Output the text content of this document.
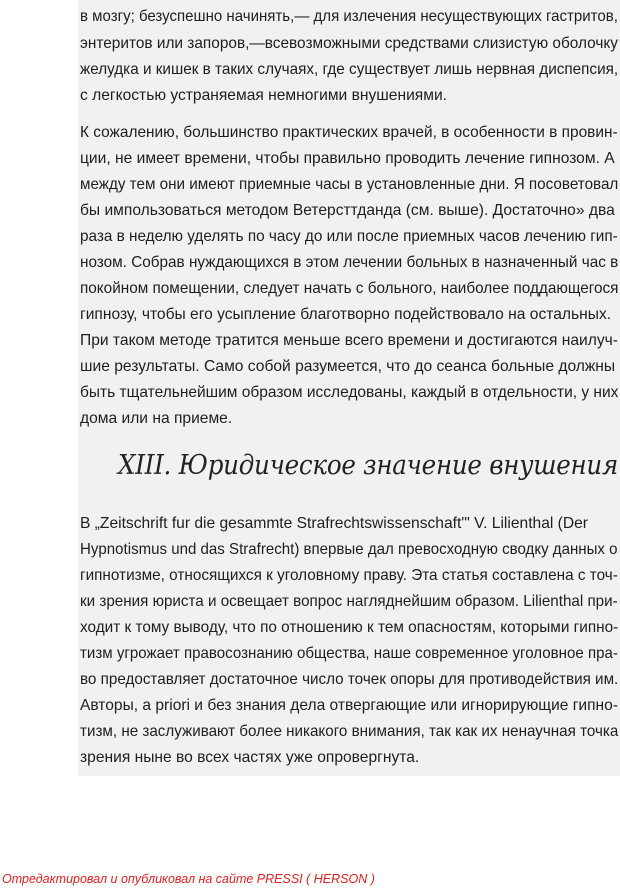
в мозгу; безуспешно начинять,— для излечения несуществующих гастритов,
энтеритов или запоров,—всевозможными средствами слизистую оболочку
желудка и кишек в таких случаях, где существует лишь нервная диспепсия,
с легкостью устраняемая немногими внушениями.
К сожалению, большинство практических врачей, в особенности в провин-
ции, не имеет времени, чтобы правильно проводить лечение гипнозом. А
между тем они имеют приемные часы в установленные дни. Я посоветовал
бы импользоваться методом Ветерсттданда (см. выше). Достаточно» два
раза в неделю уделять по часу до или после приемных часов лечению гип-
нозом. Собрав нуждающихся в этом лечении больных в назначенный час в
покойном помещении, следует начать с больного, наиболее поддающегося
гипнозу, чтобы его усыпление благотворно подействовало на остальных.
При таком методе тратится меньше всего времени и достигаются наилуч-
шие результаты. Само собой разумеется, что до сеанса больные должны
быть тщательнейшим образом исследованы, каждый в отдельности, у них
дома или на приеме.
XIII. Юридическое значение внушения
В „Zeitschrift fur die gesammte Strafrechtswissenschaft'" V. Lilienthal (Der
Hypnotismus und das Strafrecht) впервые дал превосходную сводку данных о
гипнотизме, относящихся к уголовному праву. Эта статья составлена с точ-
ки зрения юриста и освещает вопрос нагляднейшим образом. Lilienthal при-
ходит к тому выводу, что по отношению к тем опасностям, которыми гипно-
тизм угрожает правосознанию общества, наше современное уголовное пра-
во предоставляет достаточное число точек опоры для противодействия им.
Авторы, a priori и без знания дела отвергающие или игнорирующие гипно-
тизм, не заслуживают более никакого внимания, так как их ненаучная точка
зрения ныне во всех частях уже опровергнута.
Отредактировал и опубликовал на сайте PRESSI ( HERSON )
